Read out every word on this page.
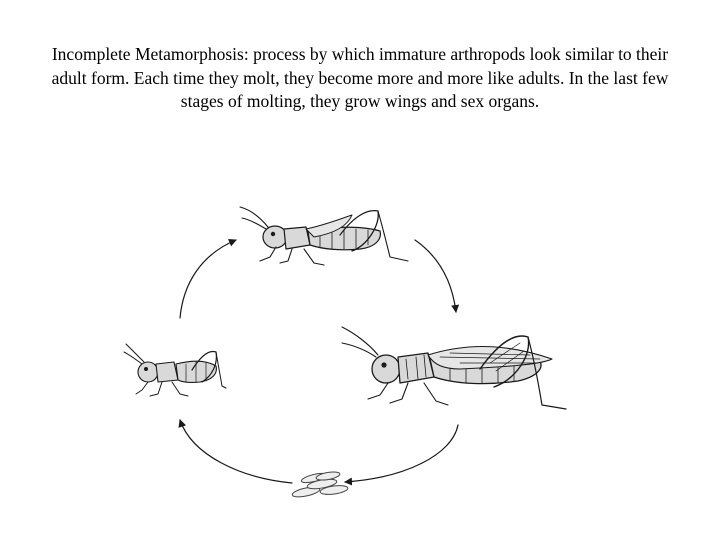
Incomplete Metamorphosis: process by which immature arthropods look similar to their adult form. Each time they molt, they become more and more like adults. In the last few stages of molting, they grow wings and sex organs.
